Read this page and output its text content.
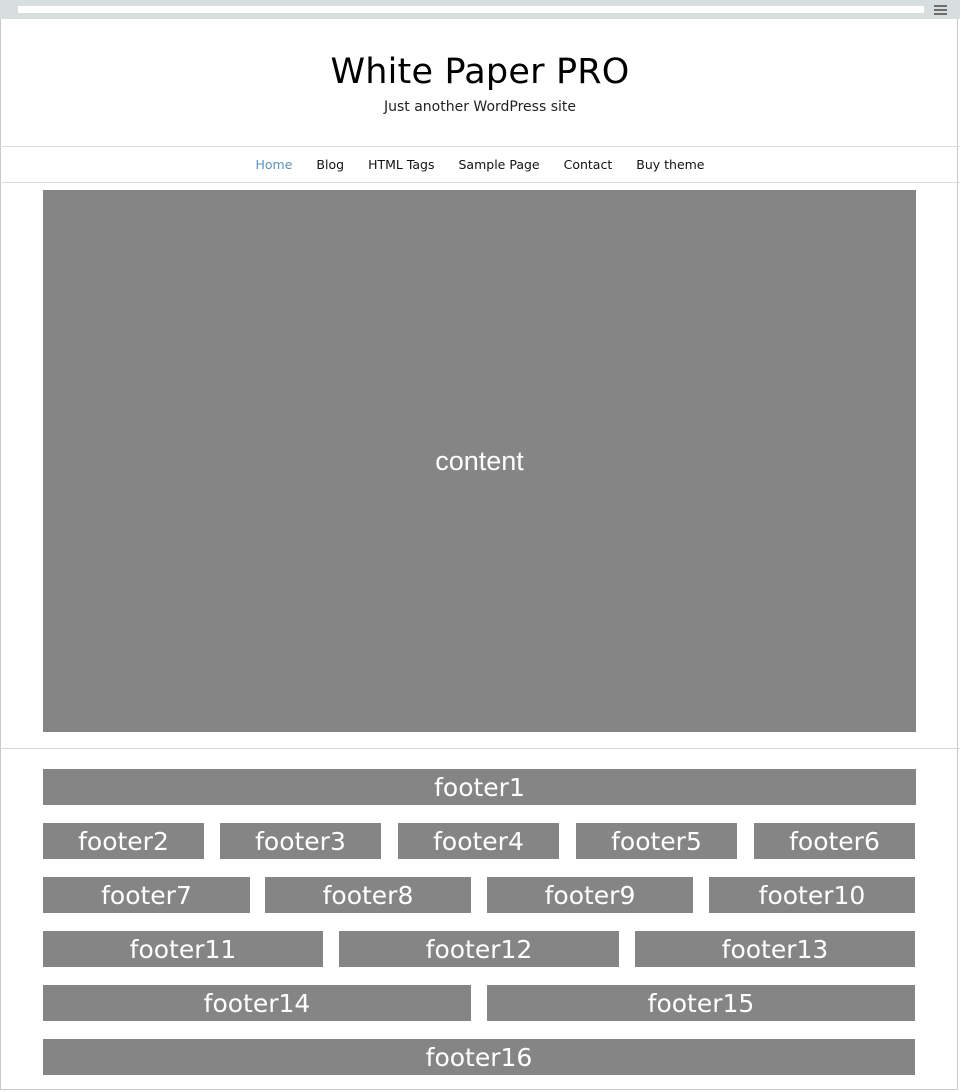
White Paper PRO
Just another WordPress site
Home Blog HTML Tags Sample Page Contact Buy theme
content
footer1
footer2	footer3	footer4	footer5	footer6
footer7	footer8	footer9	footer10
footer11	footer12	footer13
footer14	footer15
footer16
